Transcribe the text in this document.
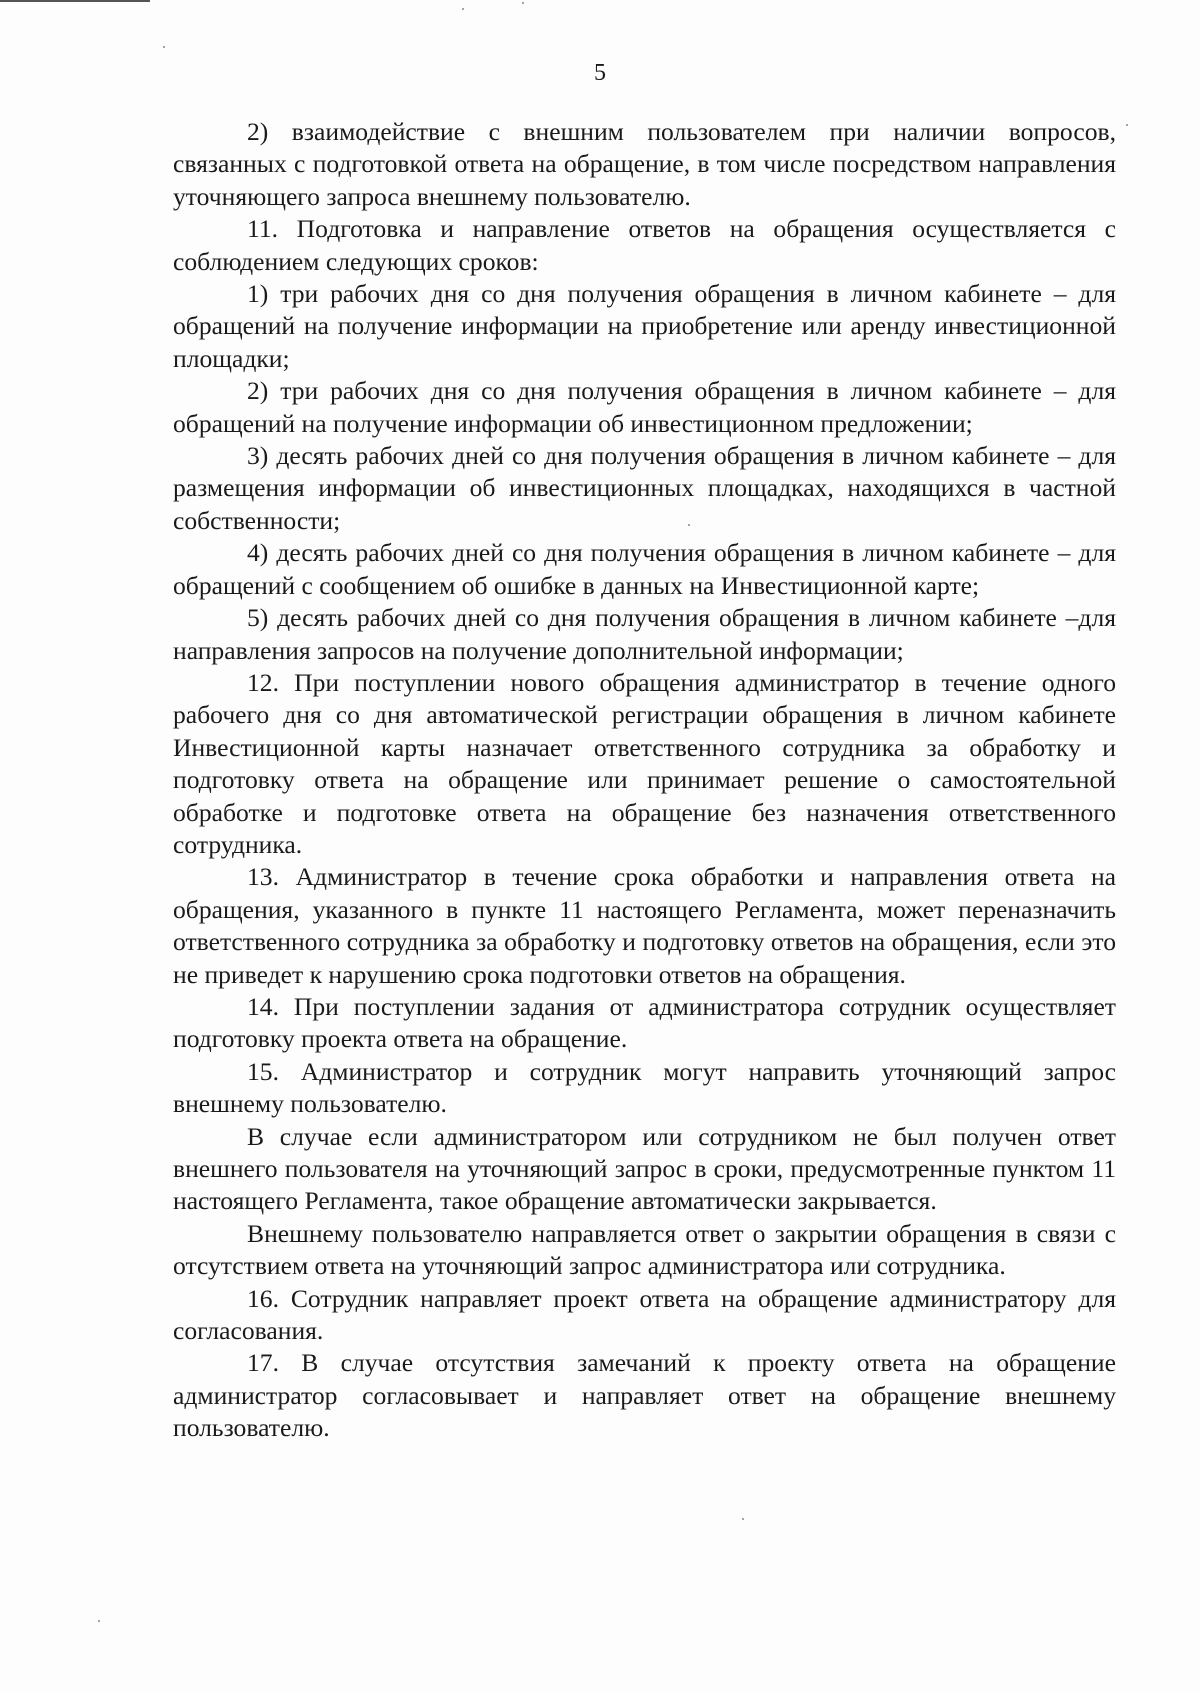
5

2) взаимодействие с внешним пользователем при наличии вопросов, связанных с подготовкой ответа на обращение, в том числе посредством направления уточняющего запроса внешнему пользователю.

11. Подготовка и направление ответов на обращения осуществляется с соблюдением следующих сроков:

1) три рабочих дня со дня получения обращения в личном кабинете – для обращений на получение информации на приобретение или аренду инвестиционной площадки;

2) три рабочих дня со дня получения обращения в личном кабинете – для обращений на получение информации об инвестиционном предложении;

3) десять рабочих дней со дня получения обращения в личном кабинете – для размещения информации об инвестиционных площадках, находящихся в частной собственности;

4) десять рабочих дней со дня получения обращения в личном кабинете – для обращений с сообщением об ошибке в данных на Инвестиционной карте;

5) десять рабочих дней со дня получения обращения в личном кабинете –для направления запросов на получение дополнительной информации;

12. При поступлении нового обращения администратор в течение одного рабочего дня со дня автоматической регистрации обращения в личном кабинете Инвестиционной карты назначает ответственного сотрудника за обработку и подготовку ответа на обращение или принимает решение о самостоятельной обработке и подготовке ответа на обращение без назначения ответственного сотрудника.

13. Администратор в течение срока обработки и направления ответа на обращения, указанного в пункте 11 настоящего Регламента, может переназначить ответственного сотрудника за обработку и подготовку ответов на обращения, если это не приведет к нарушению срока подготовки ответов на обращения.

14. При поступлении задания от администратора сотрудник осуществляет подготовку проекта ответа на обращение.

15. Администратор и сотрудник могут направить уточняющий запрос внешнему пользователю.

В случае если администратором или сотрудником не был получен ответ внешнего пользователя на уточняющий запрос в сроки, предусмотренные пунктом 11 настоящего Регламента, такое обращение автоматически закрывается.

Внешнему пользователю направляется ответ о закрытии обращения в связи с отсутствием ответа на уточняющий запрос администратора или сотрудника.

16. Сотрудник направляет проект ответа на обращение администратору для согласования.

17. В случае отсутствия замечаний к проекту ответа на обращение администратор согласовывает и направляет ответ на обращение внешнему пользователю.
